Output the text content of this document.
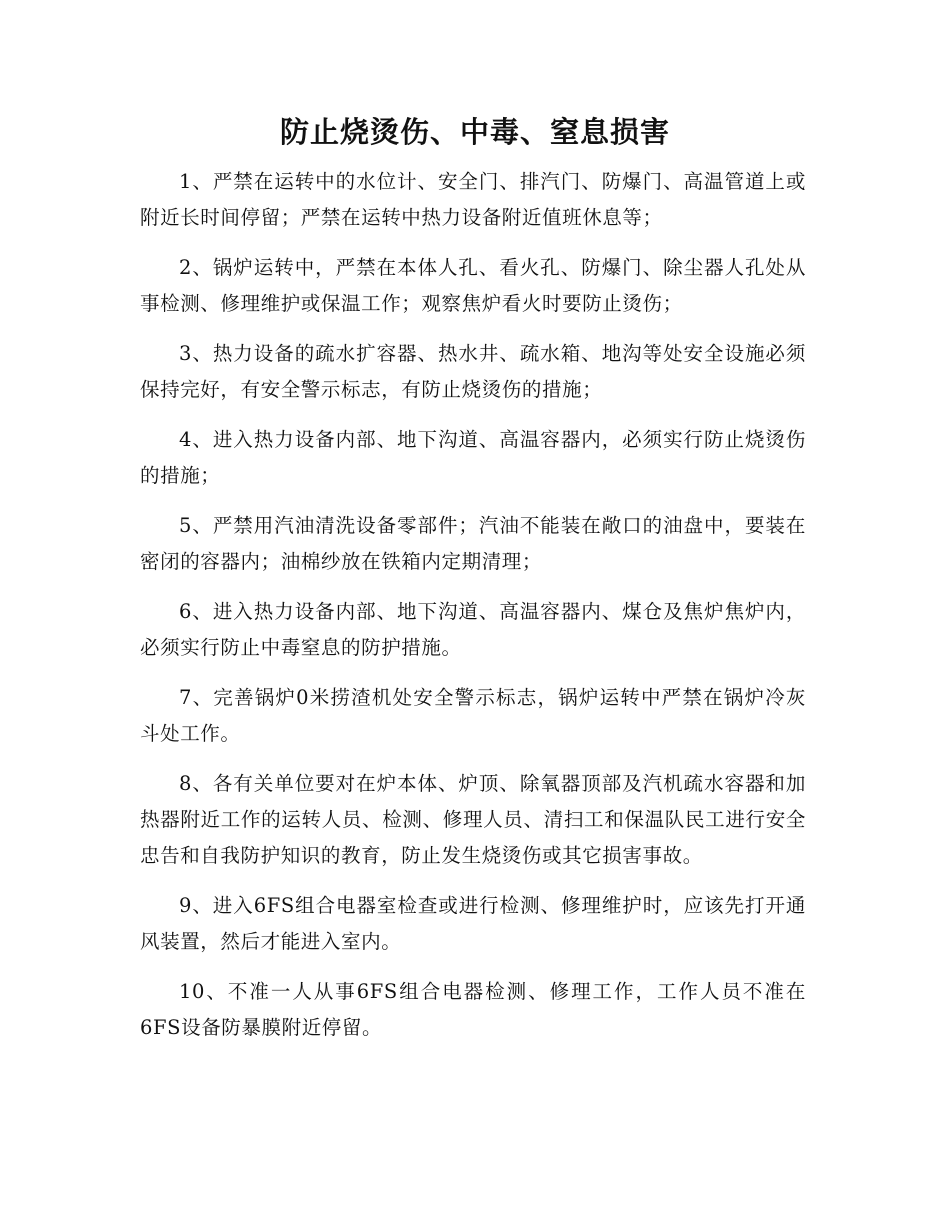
防止烧烫伤、中毒、窒息损害

1、严禁在运转中的水位计、安全门、排汽门、防爆门、高温管道上或附近长时间停留；严禁在运转中热力设备附近值班休息等；

2、锅炉运转中，严禁在本体人孔、看火孔、防爆门、除尘器人孔处从事检测、修理维护或保温工作；观察焦炉看火时要防止烫伤；

3、热力设备的疏水扩容器、热水井、疏水箱、地沟等处安全设施必须保持完好，有安全警示标志，有防止烧烫伤的措施；

4、进入热力设备内部、地下沟道、高温容器内，必须实行防止烧烫伤的措施；

5、严禁用汽油清洗设备零部件；汽油不能装在敞口的油盘中，要装在密闭的容器内；油棉纱放在铁箱内定期清理；

6、进入热力设备内部、地下沟道、高温容器内、煤仓及焦炉焦炉内，必须实行防止中毒窒息的防护措施。

7、完善锅炉0米捞渣机处安全警示标志，锅炉运转中严禁在锅炉冷灰斗处工作。

8、各有关单位要对在炉本体、炉顶、除氧器顶部及汽机疏水容器和加热器附近工作的运转人员、检测、修理人员、清扫工和保温队民工进行安全忠告和自我防护知识的教育，防止发生烧烫伤或其它损害事故。

9、进入6FS组合电器室检查或进行检测、修理维护时，应该先打开通风装置，然后才能进入室内。

10、不准一人从事6FS组合电器检测、修理工作，工作人员不准在6FS设备防暴膜附近停留。
